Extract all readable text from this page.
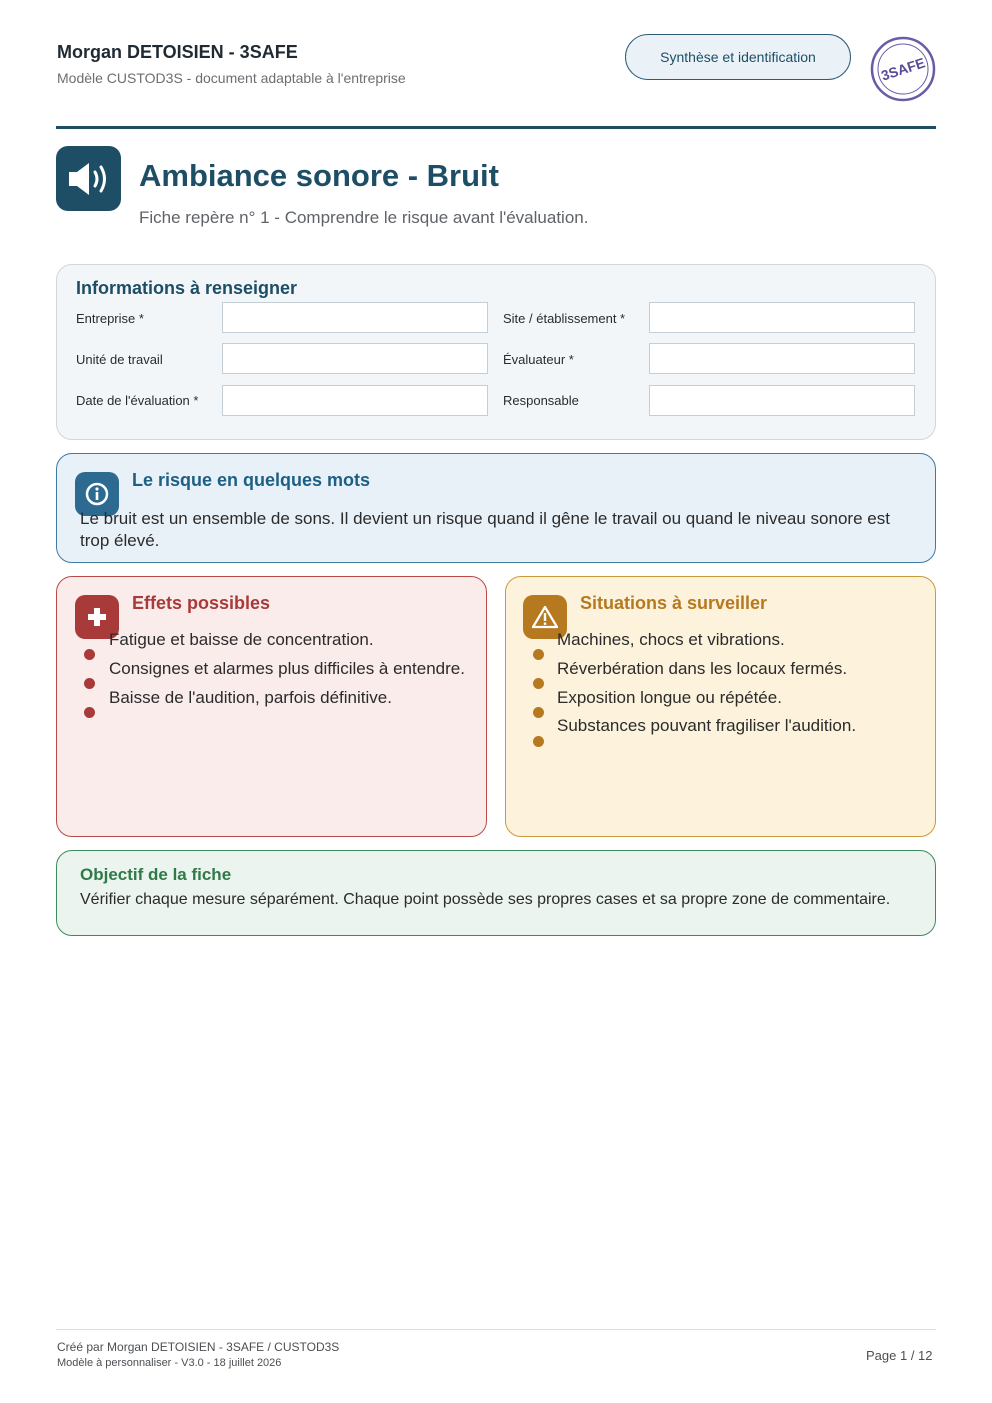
Morgan DETOISIEN - 3SAFE
Modèle CUSTOD3S - document adaptable à l'entreprise
Synthèse et identification	3SAFE
Ambiance sonore - Bruit
Fiche repère n° 1 - Comprendre le risque avant l'évaluation.
Informations à renseigner
Entreprise *	Site / établissement *
Unité de travail	Évaluateur *
Date de l'évaluation *	Responsable
Le risque en quelques mots
Le bruit est un ensemble de sons. Il devient un risque quand il gêne le travail ou quand le niveau sonore est trop élevé.
Effets possibles
Fatigue et baisse de concentration.
Consignes et alarmes plus difficiles à entendre.
Baisse de l'audition, parfois définitive.
Situations à surveiller
Machines, chocs et vibrations.
Réverbération dans les locaux fermés.
Exposition longue ou répétée.
Substances pouvant fragiliser l'audition.
Objectif de la fiche
Vérifier chaque mesure séparément. Chaque point possède ses propres cases et sa propre zone de commentaire.
Créé par Morgan DETOISIEN - 3SAFE / CUSTOD3S
Modèle à personnaliser - V3.0 - 18 juillet 2026	Page 1 / 12
